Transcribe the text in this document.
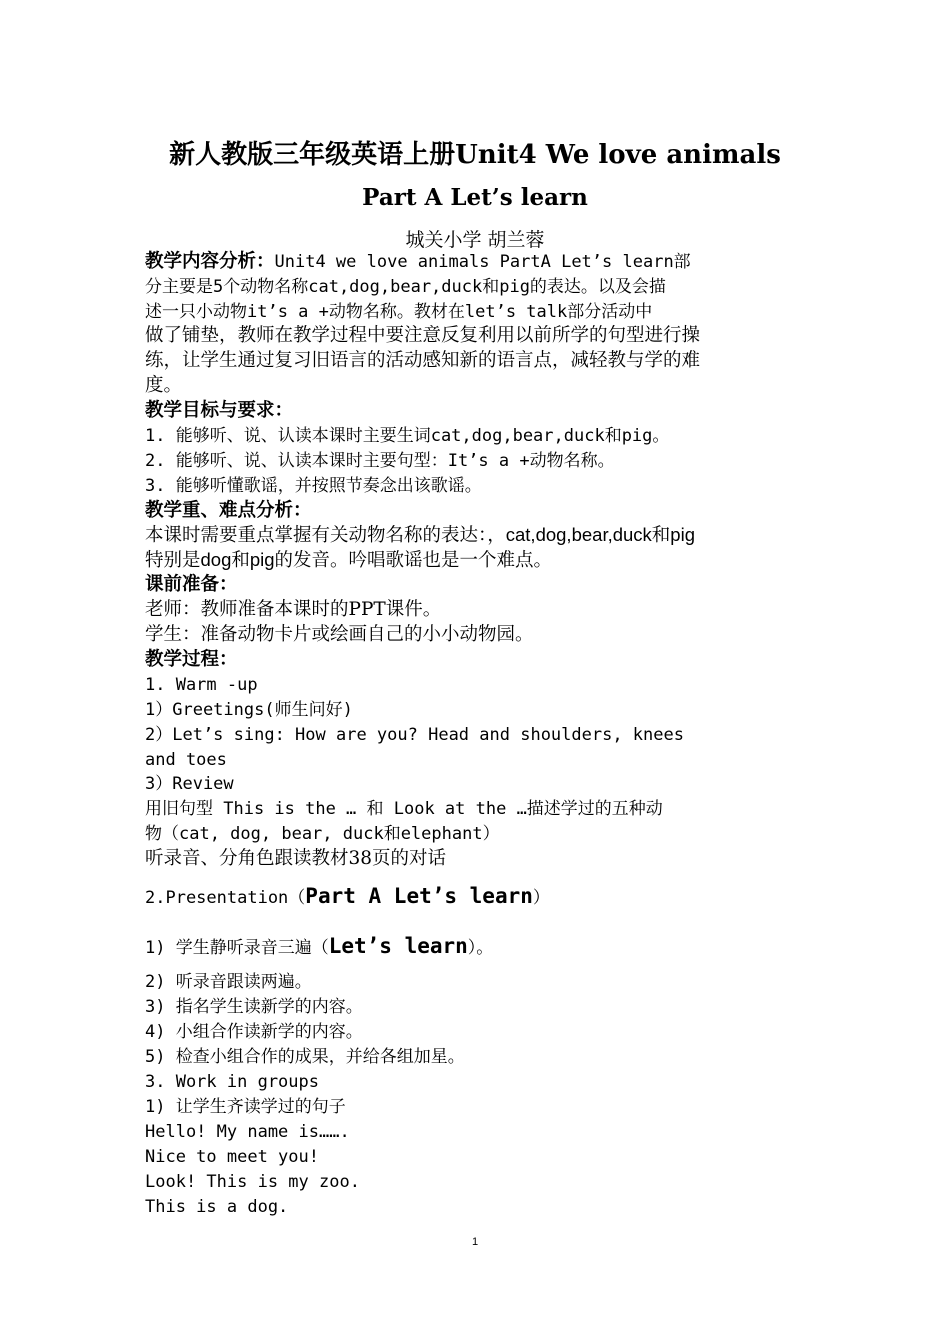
新人教版三年级英语上册Unit4 We love animals
Part A Let’s learn
城关小学 胡兰蓉
教学内容分析：Unit4 we love animals PartA Let’s learn部
分主要是5个动物名称cat,dog,bear,duck和pig的表达。以及会描
述一只小动物it’s a +动物名称。教材在let’s talk部分活动中
做了铺垫，教师在教学过程中要注意反复利用以前所学的句型进行操
练，让学生通过复习旧语言的活动感知新的语言点，减轻教与学的难
度。
教学目标与要求：
1. 能够听、说、认读本课时主要生词cat,dog,bear,duck和pig。
2. 能够听、说、认读本课时主要句型：It’s a +动物名称。
3. 能够听懂歌谣，并按照节奏念出该歌谣。
教学重、难点分析：
本课时需要重点掌握有关动物名称的表达：，cat,dog,bear,duck和pig
特别是dog和pig的发音。吟唱歌谣也是一个难点。
课前准备：
老师：教师准备本课时的PPT课件。
学生：准备动物卡片或绘画自己的小小动物园。
教学过程：
1. Warm -up
1）Greetings(师生问好)
2）Let’s sing: How are you? Head and shoulders, knees
and toes
3）Review
用旧句型 This is the … 和 Look at the …描述学过的五种动
物（cat, dog, bear, duck和elephant）
听录音、分角色跟读教材38页的对话
2.Presentation（Part A Let’s learn）
1) 学生静听录音三遍（Let’s learn）。
2) 听录音跟读两遍。
3) 指名学生读新学的内容。
4) 小组合作读新学的内容。
5) 检查小组合作的成果，并给各组加星。
3. Work in groups
1) 让学生齐读学过的句子
Hello! My name is…….
Nice to meet you!
Look! This is my zoo.
This is a dog.
1
